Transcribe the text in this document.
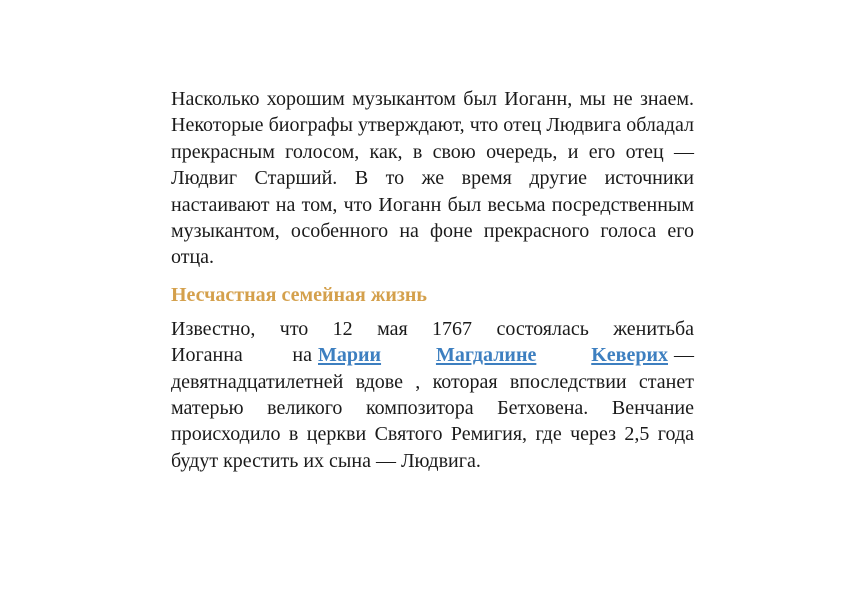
Насколько хорошим музыкантом был Иоганн, мы не знаем. Некоторые биографы утверждают, что отец Людвига обладал прекрасным голосом, как, в свою очередь, и его отец — Людвиг Старший. В то же время другие источники настаивают на том, что Иоганн был весьма посредственным музыкантом, особенного на фоне прекрасного голоса его отца.

Несчастная семейная жизнь
Известно, что 12 мая 1767 состоялась женитьба
Иоганна на Марии	Магдалине	Keверих —
девятнадцатилетней вдове , которая впоследствии станет матерью великого композитора Бетховена. Венчание происходило в церкви Святого Ремигия, где через 2,5 года будут крестить их сына — Людвига.
